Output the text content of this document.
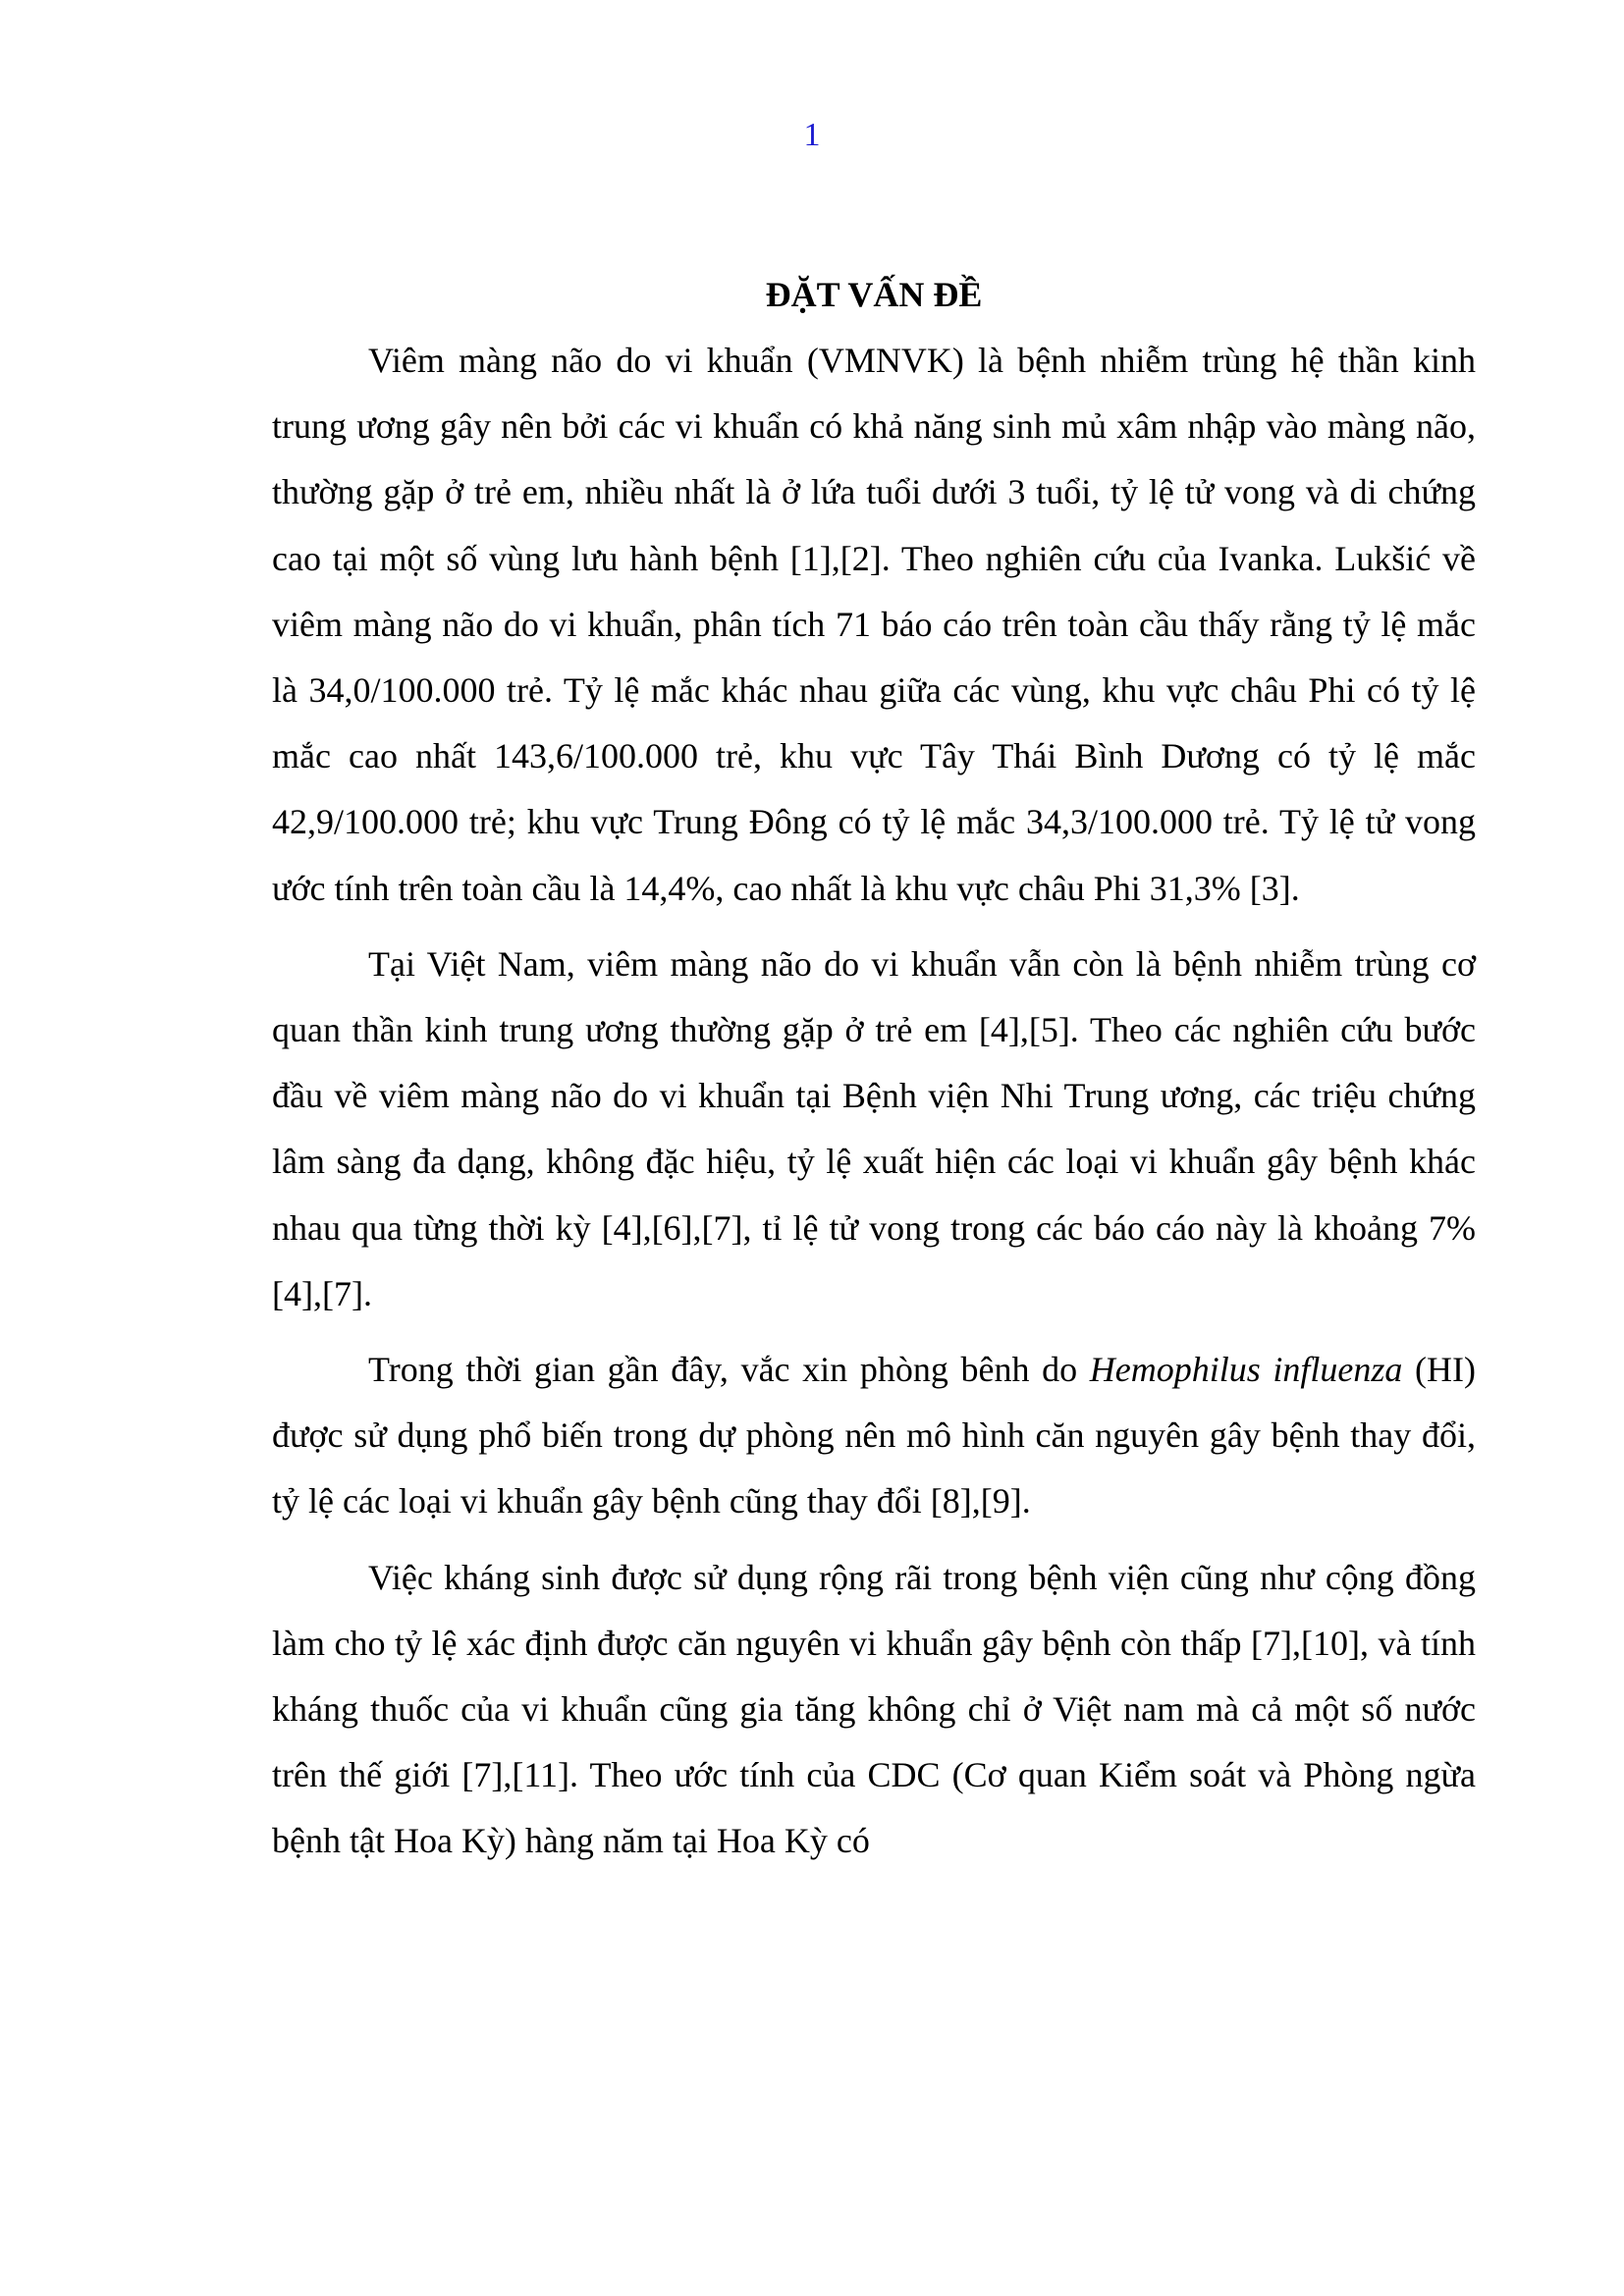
1
ĐẶT VẤN ĐỀ

Viêm màng não do vi khuẩn (VMNVK) là bệnh nhiễm trùng hệ thần kinh trung ương gây nên bởi các vi khuẩn có khả năng sinh mủ xâm nhập vào màng não, thường gặp ở trẻ em, nhiều nhất là ở lứa tuổi dưới 3 tuổi, tỷ lệ tử vong và di chứng cao tại một số vùng lưu hành bệnh [1],[2]. Theo nghiên cứu của Ivanka. Lukšić về viêm màng não do vi khuẩn, phân tích 71 báo cáo trên toàn cầu thấy rằng tỷ lệ mắc là 34,0/100.000 trẻ. Tỷ lệ mắc khác nhau giữa các vùng, khu vực châu Phi có tỷ lệ mắc cao nhất 143,6/100.000 trẻ, khu vực Tây Thái Bình Dương có tỷ lệ mắc 42,9/100.000 trẻ; khu vực Trung Đông có tỷ lệ mắc 34,3/100.000 trẻ. Tỷ lệ tử vong ước tính trên toàn cầu là 14,4%, cao nhất là khu vực châu Phi 31,3% [3].

Tại Việt Nam, viêm màng não do vi khuẩn vẫn còn là bệnh nhiễm trùng cơ quan thần kinh trung ương thường gặp ở trẻ em [4],[5]. Theo các nghiên cứu bước đầu về viêm màng não do vi khuẩn tại Bệnh viện Nhi Trung ương, các triệu chứng lâm sàng đa dạng, không đặc hiệu, tỷ lệ xuất hiện các loại vi khuẩn gây bệnh khác nhau qua từng thời kỳ [4],[6],[7], tỉ lệ tử vong trong các báo cáo này là khoảng 7% [4],[7].

Trong thời gian gần đây, vắc xin phòng bênh do Hemophilus influenza (HI) được sử dụng phổ biến trong dự phòng nên mô hình căn nguyên gây bệnh thay đổi, tỷ lệ các loại vi khuẩn gây bệnh cũng thay đổi [8],[9].

Việc kháng sinh được sử dụng rộng rãi trong bệnh viện cũng như cộng đồng làm cho tỷ lệ xác định được căn nguyên vi khuẩn gây bệnh còn thấp [7],[10], và tính kháng thuốc của vi khuẩn cũng gia tăng không chỉ ở Việt nam mà cả một số nước trên thế giới [7],[11]. Theo ước tính của CDC (Cơ quan Kiểm soát và Phòng ngừa bệnh tật Hoa Kỳ) hàng năm tại Hoa Kỳ có
